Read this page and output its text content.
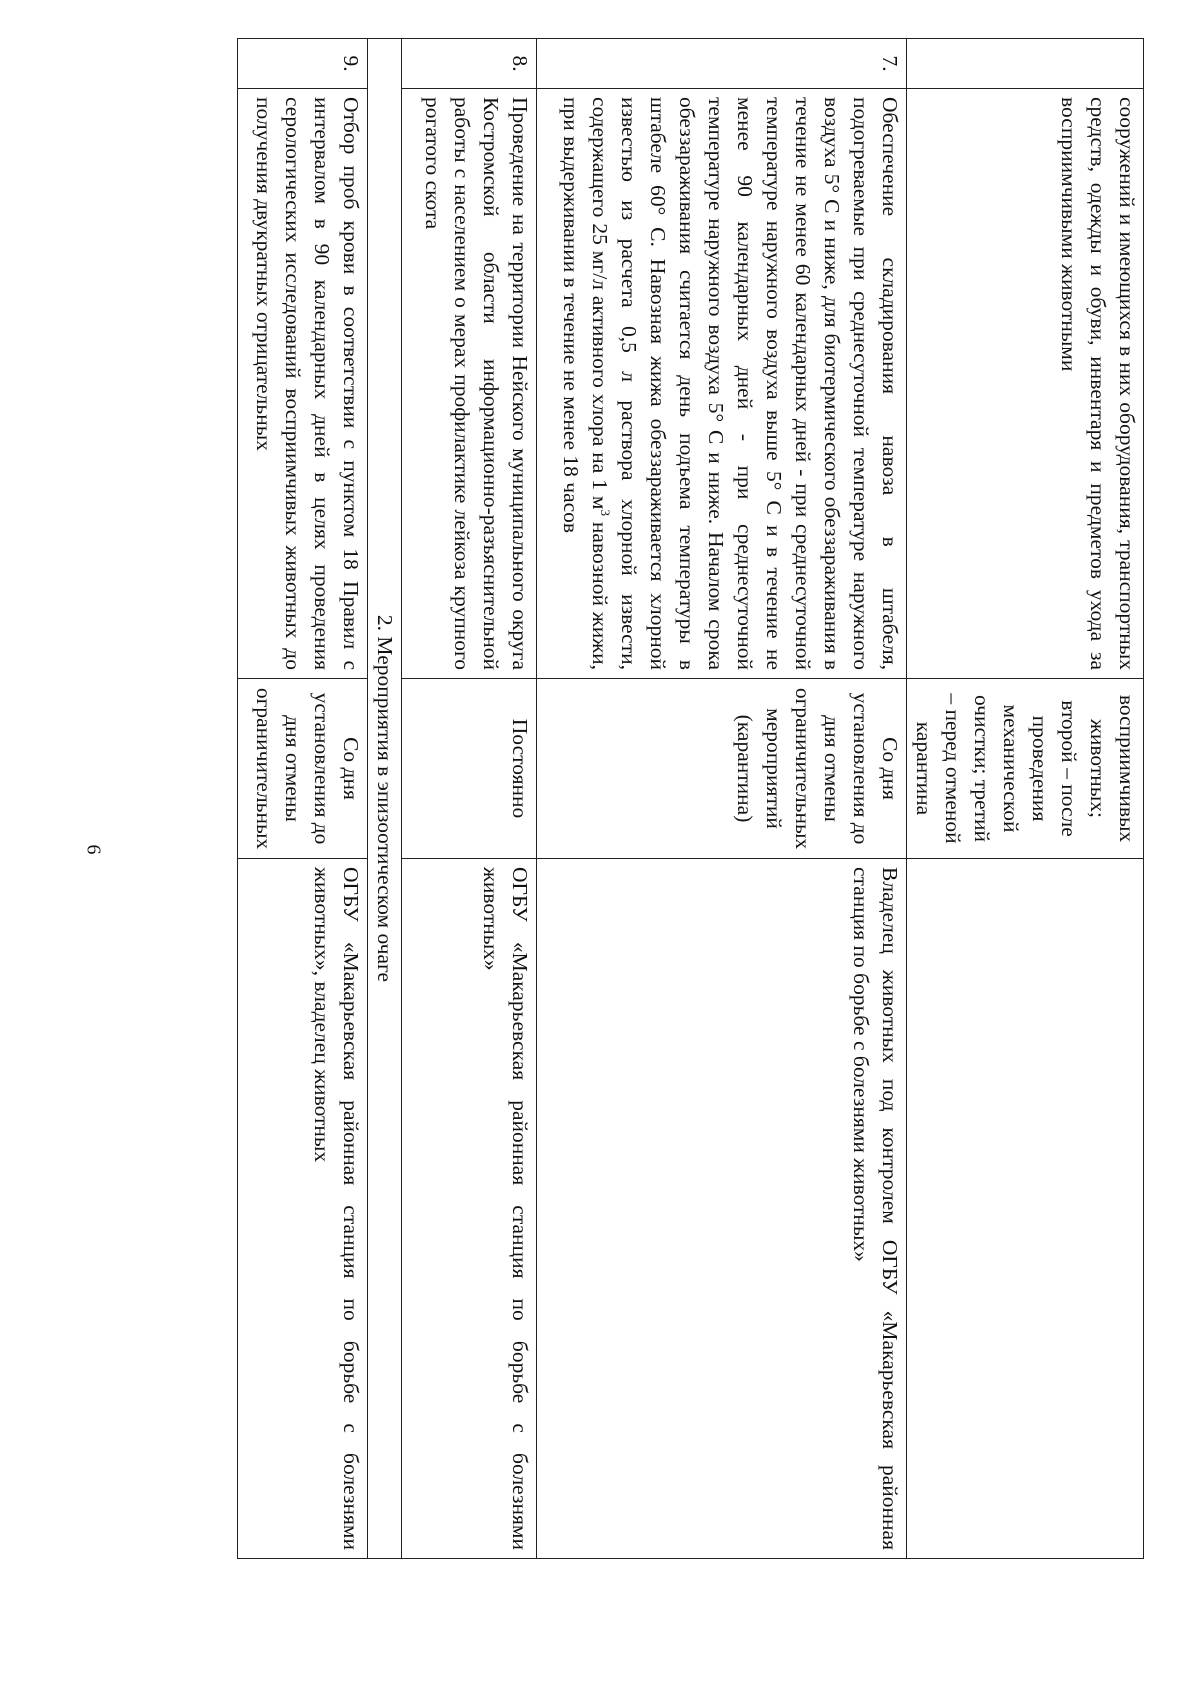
6
	сооружений и имеющихся в них оборудования, транспортных средств, одежды и обуви, инвентаря и предметов ухода за восприимчивыми животными	восприимчивых животных; второй – после проведения механической очистки; третий – перед отменой карантина	
7.	Обеспечение складирования навоза в штабеля, подогреваемые при среднесуточной температуре наружного воздуха 5° С и ниже, для биотермического обеззараживания в течение не менее 60 календарных дней - при среднесуточной температуре наружного воздуха выше 5° С и в течение не менее 90 календарных дней - при среднесуточной температуре наружного воздуха 5° С и ниже. Началом срока обеззараживания считается день подъема температуры в штабеле 60° С. Навозная жижа обеззараживается хлорной известью из расчета 0,5 л раствора хлорной извести, содержащего 25 мг/л активного хлора на 1 $м^3$ навозной жижи, при выдерживании в течение не менее 18 часов	Со дня установления до дня отмены ограничительных мероприятий (карантина)	Владелец животных под контролем ОГБУ «Макарьевская районная станция по борьбе с болезнями животных»
8.	Проведение на территории Нейского муниципального округа Костромской области информационно-разъяснительной работы с населением о мерах профилактике лейкоза крупного рогатого скота	Постоянно	ОГБУ «Макарьевская районная станция по борьбе с болезнями животных»
2. Мероприятия в эпизоотическом очаге			
9.	Отбор проб крови в соответствии с пунктом 18 Правил с интервалом в 90 календарных дней в целях проведения серологических исследований восприимчивых животных до получения двукратных отрицательных	Со дня установления до дня отмены ограничительных	ОГБУ «Макарьевская районная станция по борьбе с болезнями животных», владелец животных
